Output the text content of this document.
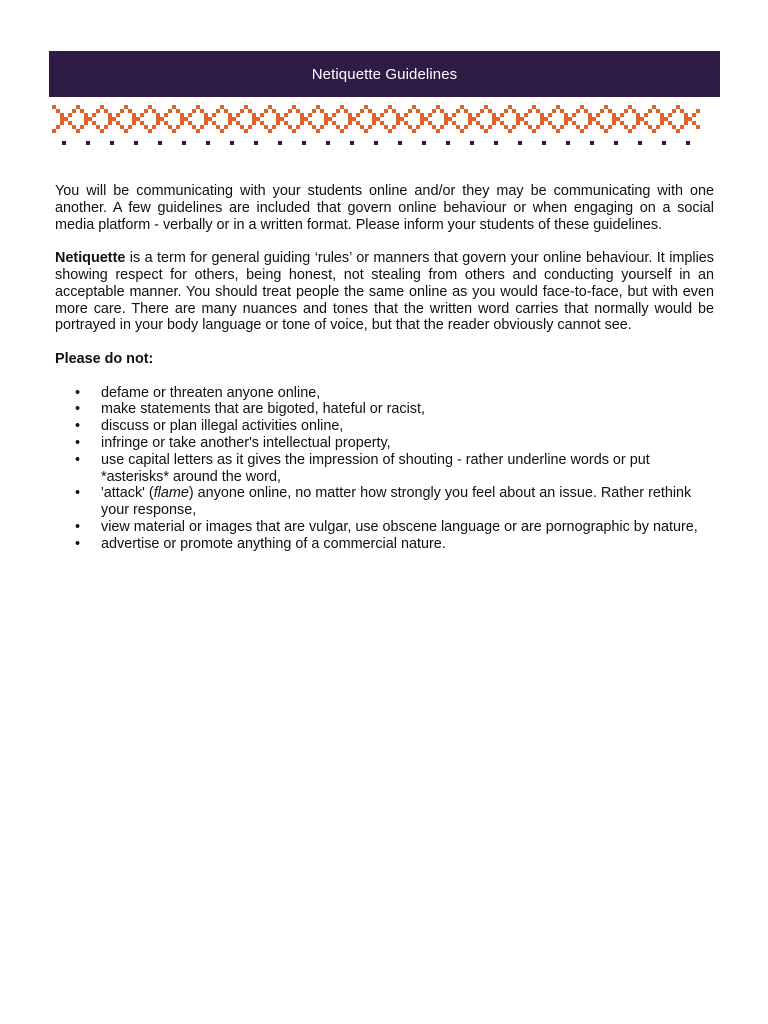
Netiquette Guidelines

You will be communicating with your students online and/or they may be communicating with one another. A few guidelines are included that govern online behaviour or when engaging on a social media platform - verbally or in a written format. Please inform your students of these guidelines.

Netiquette is a term for general guiding ‘rules’ or manners that govern your online behaviour. It implies showing respect for others, being honest, not stealing from others and conducting yourself in an acceptable manner. You should treat people the same online as you would face-to-face, but with even more care. There are many nuances and tones that the written word carries that normally would be portrayed in your body language or tone of voice, but that the reader obviously cannot see.

Please do not:

• defame or threaten anyone online,
• make statements that are bigoted, hateful or racist,
• discuss or plan illegal activities online,
• infringe or take another's intellectual property,
• use capital letters as it gives the impression of shouting - rather underline words or put *asterisks* around the word,
• 'attack' (flame) anyone online, no matter how strongly you feel about an issue. Rather rethink your response,
• view material or images that are vulgar, use obscene language or are pornographic by nature,
• advertise or promote anything of a commercial nature.
